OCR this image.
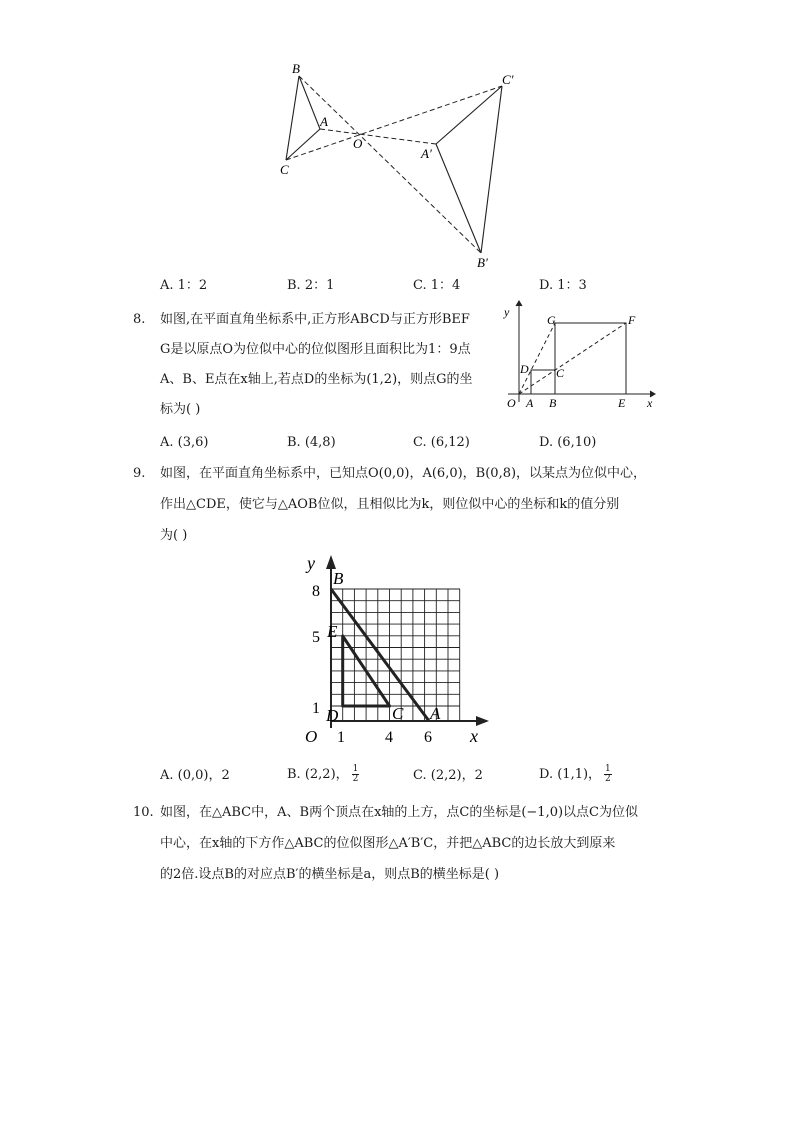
B
A
C
O
C′
A′
B′
A. 1：2	B. 2：1	C. 1：4	D. 1：3
8. 如图,在平面直角坐标系中,正方形ABCD与正方形BEF
G是以原点O为位似中心的位似图形且面积比为1：9点
A、B、E点在x轴上,若点D的坐标为(1,2)，则点G的坐
标为( )
y
x
G	F
D C
O A B	E
A. (3,6)	B. (4,8)	C. (6,12)	D. (6,10)
9. 如图，在平面直角坐标系中，已知点O(0,0)，A(6,0)，B(0,8)，以某点为位似中心，
作出△CDE，使它与△AOB位似，且相似比为k，则位似中心的坐标和k的值分别
为( )
y
x
B
E
C A
D
O
8
5
1
1	4 6
A. (0,0)，2	B. (2,2)， $\frac{1}{2}$	C. (2,2)，2	D. (1,1)， $\frac{1}{2}$
10. 如图，在△ABC中，A、B两个顶点在x轴的上方，点C的坐标是(−1,0)以点C为位似
中心，在x轴的下方作△ABC的位似图形△A′B′C，并把△ABC的边长放大到原来
的2倍.设点B的对应点B′的横坐标是a，则点B的横坐标是( )
